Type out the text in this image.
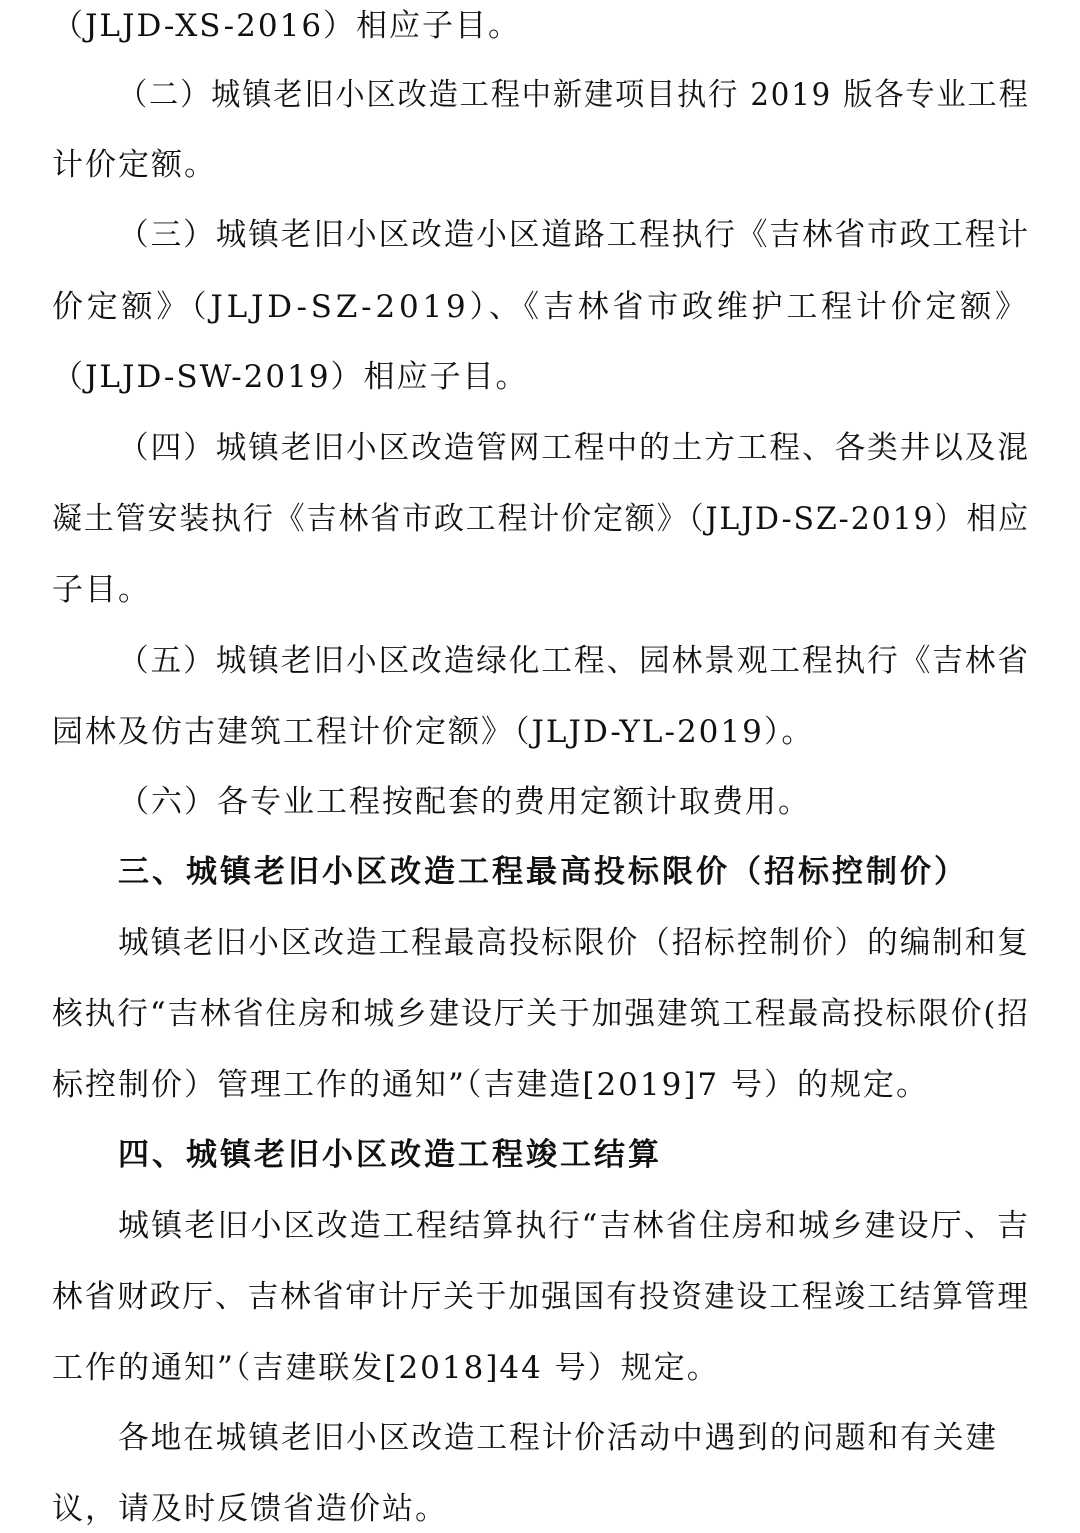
（JLJD-XS-2016）相应子目。
（二）城镇老旧小区改造工程中新建项目执行 2019 版各专业工程
计价定额。
（三）城镇老旧小区改造小区道路工程执行《吉林省市政工程计
价定额》（JLJD-SZ-2019）、《吉林省市政维护工程计价定额》
（JLJD-SW-2019）相应子目。
（四）城镇老旧小区改造管网工程中的土方工程、各类井以及混
凝土管安装执行《吉林省市政工程计价定额》（JLJD-SZ-2019）相应
子目。
（五）城镇老旧小区改造绿化工程、园林景观工程执行《吉林省
园林及仿古建筑工程计价定额》（JLJD-YL-2019）。
（六）各专业工程按配套的费用定额计取费用。
三、城镇老旧小区改造工程最高投标限价（招标控制价）
城镇老旧小区改造工程最高投标限价（招标控制价）的编制和复
核执行“吉林省住房和城乡建设厅关于加强建筑工程最高投标限价(招
标控制价）管理工作的通知”（吉建造[2019]7 号）的规定。
四、城镇老旧小区改造工程竣工结算
城镇老旧小区改造工程结算执行“吉林省住房和城乡建设厅、吉
林省财政厅、吉林省审计厅关于加强国有投资建设工程竣工结算管理
工作的通知”（吉建联发[2018]44 号）规定。
各地在城镇老旧小区改造工程计价活动中遇到的问题和有关建
议，请及时反馈省造价站。
